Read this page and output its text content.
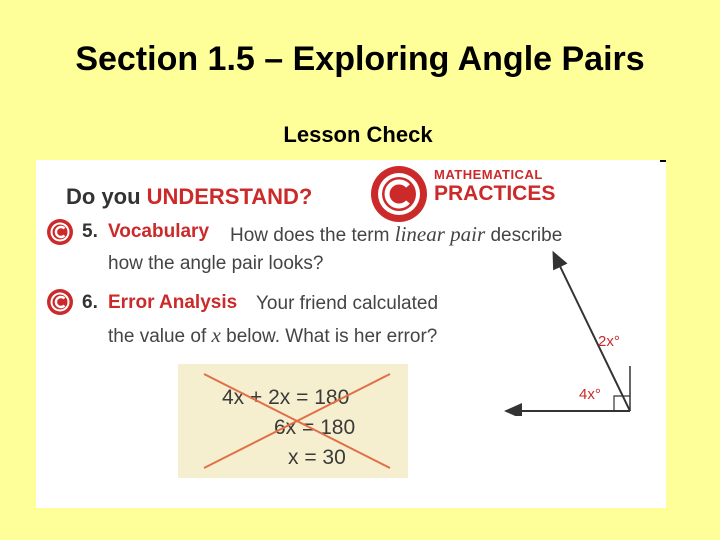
Section 1.5 – Exploring Angle Pairs
Lesson Check
Do you UNDERSTAND?
MATHEMATICAL
PRACTICES
5. Vocabulary How does the term linear pair describe
how the angle pair looks?
6. Error Analysis Your friend calculated
the value of x below. What is her error?
4x + 2x = 180
6x = 180
x = 30
2x°
4x°
